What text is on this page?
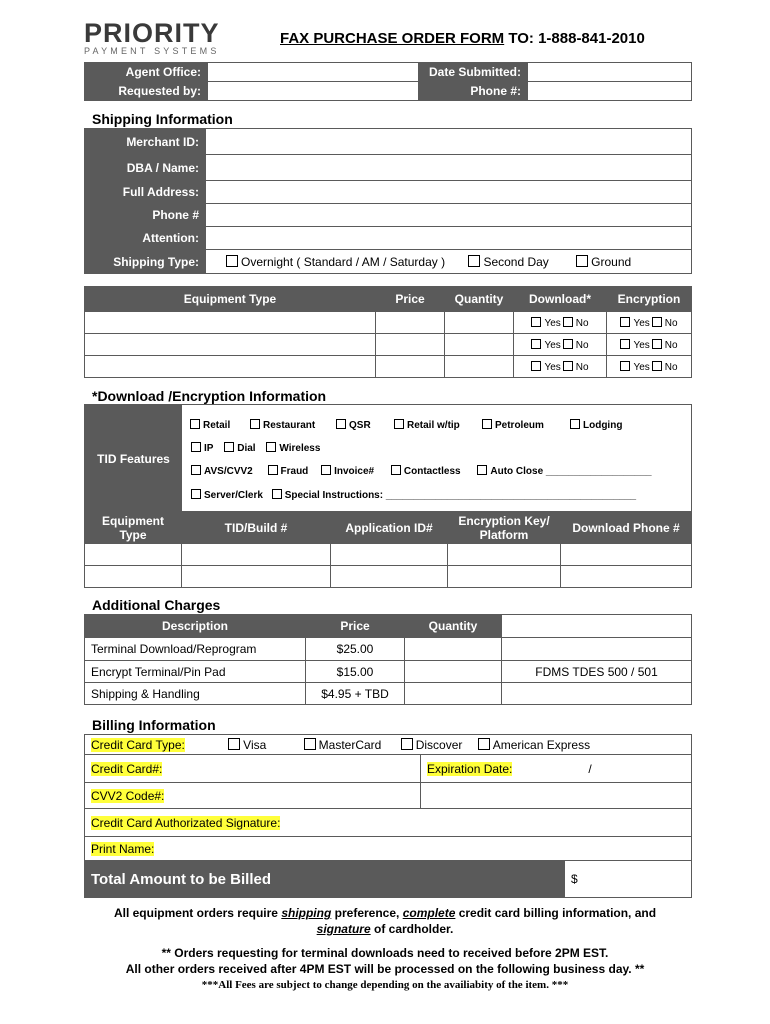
PRIORITY
PAYMENT SYSTEMS
FAX PURCHASE ORDER FORM TO: 1-888-841-2010
Agent Office:		Date Submitted:	
Requested by:		Phone #:	
Shipping Information
Merchant ID:	
DBA / Name:	
Full Address:	
Phone #	
Attention:	
Shipping Type:	Overnight ( Standard / AM / Saturday ) Second Day Ground
Equipment Type	Price	Quantity	Download*	Encryption
			Yes No	Yes No
			Yes No	Yes No
			Yes No	Yes No
*Download /Encryption Information
TID Features
Retail	Restaurant	QSR	Retail w/tip	Petroleum	Lodging
IP Dial Wireless
AVS/CVV2	Fraud	Invoice#	Contactless	Auto Close ___________________
Server/Clerk Special Instructions: _____________________________________________
Equipment Type	TID/Build #	Application ID#	Encryption Key/ Platform	Download Phone #

Additional Charges
Description	Price	Quantity	
Terminal Download/Reprogram	$25.00		
Encrypt Terminal/Pin Pad	$15.00		FDMS TDES 500 / 501
Shipping & Handling	$4.95 + TBD		
Billing Information
Credit Card Type: Visa MasterCard Discover American Express	
Credit Card#:	Expiration Date: /
CVV2 Code#:	
Credit Card Authorizated Signature:	
Print Name:	
Total Amount to be Billed	$
All equipment orders require shipping preference, complete credit card billing information, and
signature of cardholder.
** Orders requesting for terminal downloads need to received before 2PM EST.
All other orders received after 4PM EST will be processed on the following business day. **
***All Fees are subject to change depending on the availiabity of the item. ***
